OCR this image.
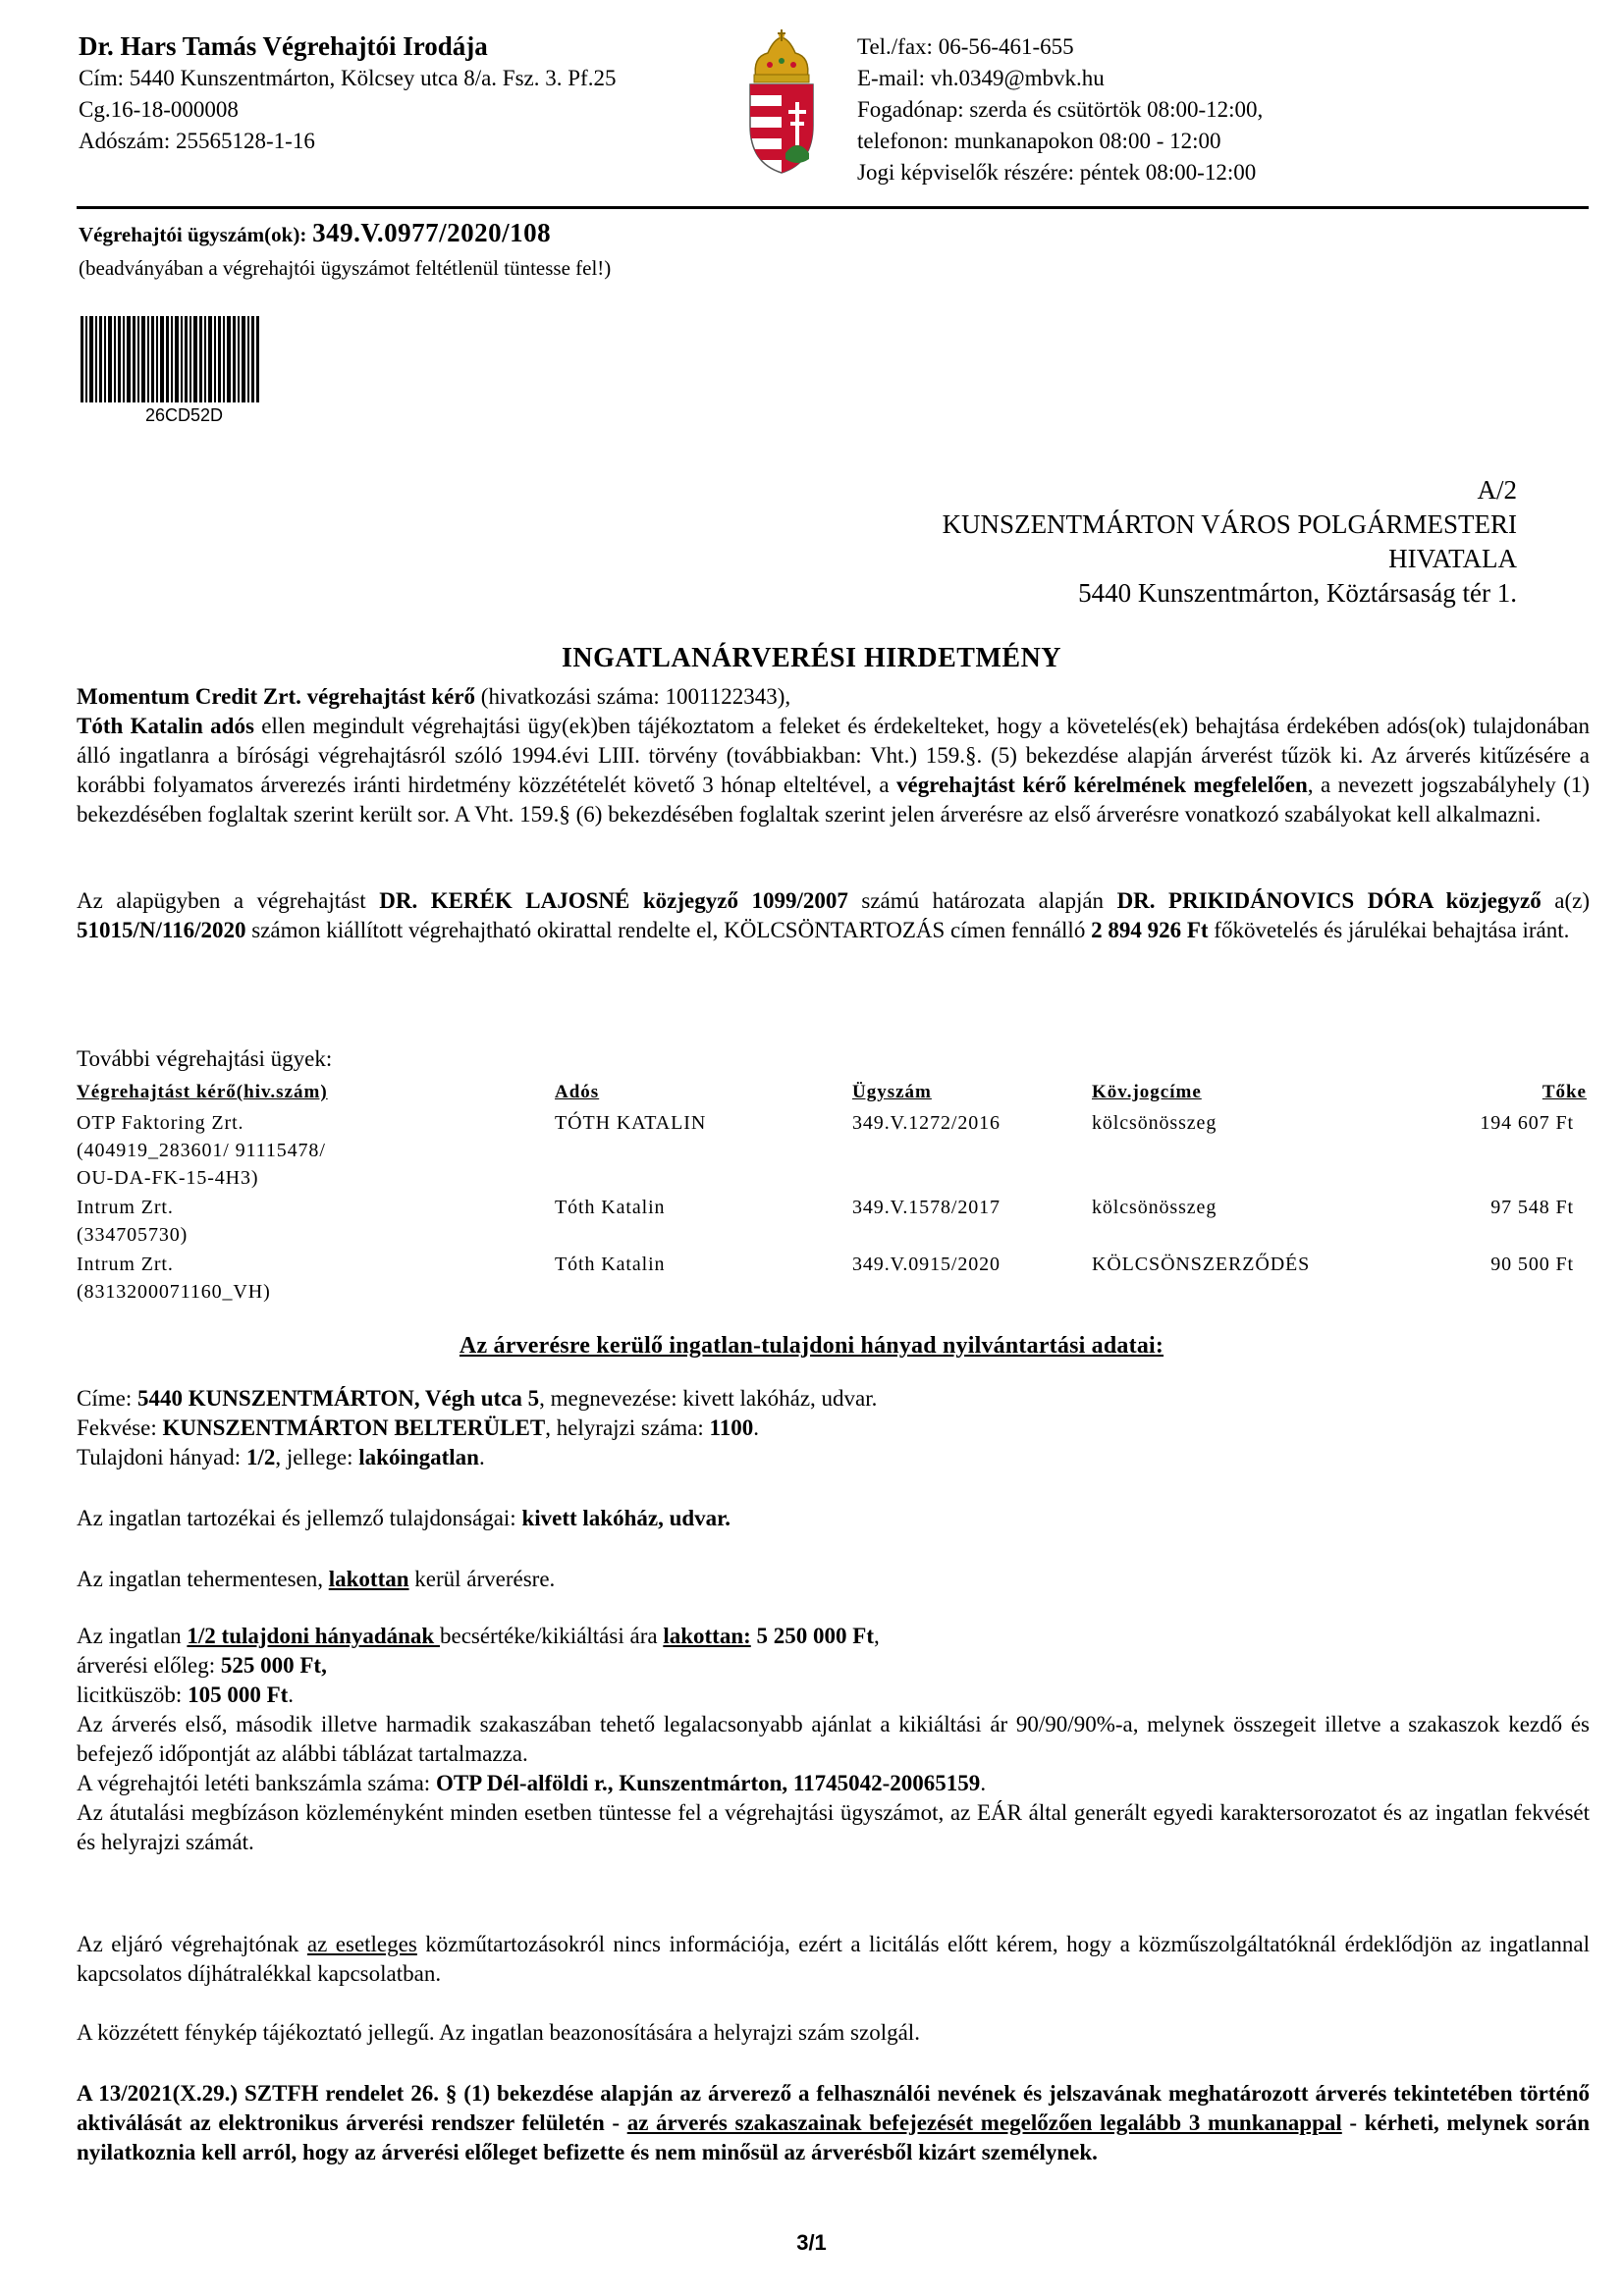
Dr. Hars Tamás Végrehajtói Irodája
Cím: 5440 Kunszentmárton, Kölcsey utca 8/a. Fsz. 3. Pf.25
Cg.16-18-000008
Adószám: 25565128-1-16
Tel./fax: 06-56-461-655
E-mail: vh.0349@mbvk.hu
Fogadónap: szerda és csütörtök 08:00-12:00,
telefonon: munkanapokon 08:00 - 12:00
Jogi képviselők részére: péntek 08:00-12:00
Végrehajtói ügyszám(ok): 349.V.0977/2020/108
(beadványában a végrehajtói ügyszámot feltétlenül tüntesse fel!)
26CD52D
A/2
KUNSZENTMÁRTON VÁROS POLGÁRMESTERI
HIVATALA
5440 Kunszentmárton, Köztársaság tér 1.
INGATLANÁRVERÉSI HIRDETMÉNY
Momentum Credit Zrt. végrehajtást kérő (hivatkozási száma: 1001122343),
Tóth Katalin adós ellen megindult végrehajtási ügy(ek)ben tájékoztatom a feleket és érdekelteket, hogy a követelés(ek) behajtása érdekében adós(ok) tulajdonában álló ingatlanra a bírósági végrehajtásról szóló 1994.évi LIII. törvény (továbbiakban: Vht.) 159.§. (5) bekezdése alapján árverést tűzök ki. Az árverés kitűzésére a korábbi folyamatos árverezés iránti hirdetmény közzétételét követő 3 hónap elteltével, a végrehajtást kérő kérelmének megfelelően, a nevezett jogszabályhely (1) bekezdésében foglaltak szerint került sor. A Vht. 159.§ (6) bekezdésében foglaltak szerint jelen árverésre az első árverésre vonatkozó szabályokat kell alkalmazni.
Az alapügyben a végrehajtást DR. KERÉK LAJOSNÉ közjegyző 1099/2007 számú határozata alapján DR. PRIKIDÁNOVICS DÓRA közjegyző a(z) 51015/N/116/2020 számon kiállított végrehajtható okirattal rendelte el, KÖLCSÖNTARTOZÁS címen fennálló 2 894 926 Ft főkövetelés és járulékai behajtása iránt.
További végrehajtási ügyek:
Végrehajtást kérő(hiv.szám)	Adós	Ügyszám	Köv.jogcíme	Tőke
OTP Faktoring Zrt.
(404919_283601/ 91115478/
OU-DA-FK-15-4H3)
TÓTH KATALIN	349.V.1272/2016	kölcsönösszeg	194 607 Ft
Intrum Zrt.
(334705730)
Tóth Katalin	349.V.1578/2017	kölcsönösszeg	97 548 Ft
Intrum Zrt.
(8313200071160_VH)
Tóth Katalin	349.V.0915/2020	KÖLCSÖNSZERZŐDÉS	90 500 Ft
Az árverésre kerülő ingatlan-tulajdoni hányad nyilvántartási adatai:
Címe: 5440 KUNSZENTMÁRTON, Végh utca 5, megnevezése: kivett lakóház, udvar.
Fekvése: KUNSZENTMÁRTON BELTERÜLET, helyrajzi száma: 1100.
Tulajdoni hányad: 1/2, jellege: lakóingatlan.
Az ingatlan tartozékai és jellemző tulajdonságai: kivett lakóház, udvar.
Az ingatlan tehermentesen, lakottan kerül árverésre.
Az ingatlan 1/2 tulajdoni hányadának becsértéke/kikiáltási ára lakottan: 5 250 000 Ft,
árverési előleg: 525 000 Ft,
licitküszöb: 105 000 Ft.
Az árverés első, második illetve harmadik szakaszában tehető legalacsonyabb ajánlat a kikiáltási ár 90/90/90%-a, melynek összegeit illetve a szakaszok kezdő és befejező időpontját az alábbi táblázat tartalmazza.
A végrehajtói letéti bankszámla száma: OTP Dél-alföldi r., Kunszentmárton, 11745042-20065159.
Az átutalási megbízáson közleményként minden esetben tüntesse fel a végrehajtási ügyszámot, az EÁR által generált egyedi karaktersorozatot és az ingatlan fekvését és helyrajzi számát.
Az eljáró végrehajtónak az esetleges közműtartozásokról nincs információja, ezért a licitálás előtt kérem, hogy a közműszolgáltatóknál érdeklődjön az ingatlannal kapcsolatos díjhátralékkal kapcsolatban.
A közzétett fénykép tájékoztató jellegű. Az ingatlan beazonosítására a helyrajzi szám szolgál.
A 13/2021(X.29.) SZTFH rendelet 26. § (1) bekezdése alapján az árverező a felhasználói nevének és jelszavának meghatározott árverés tekintetében történő aktiválását az elektronikus árverési rendszer felületén - az árverés szakaszainak befejezését megelőzően legalább 3 munkanappal - kérheti, melynek során nyilatkoznia kell arról, hogy az árverési előleget befizette és nem minősül az árverésből kizárt személynek.
3/1
